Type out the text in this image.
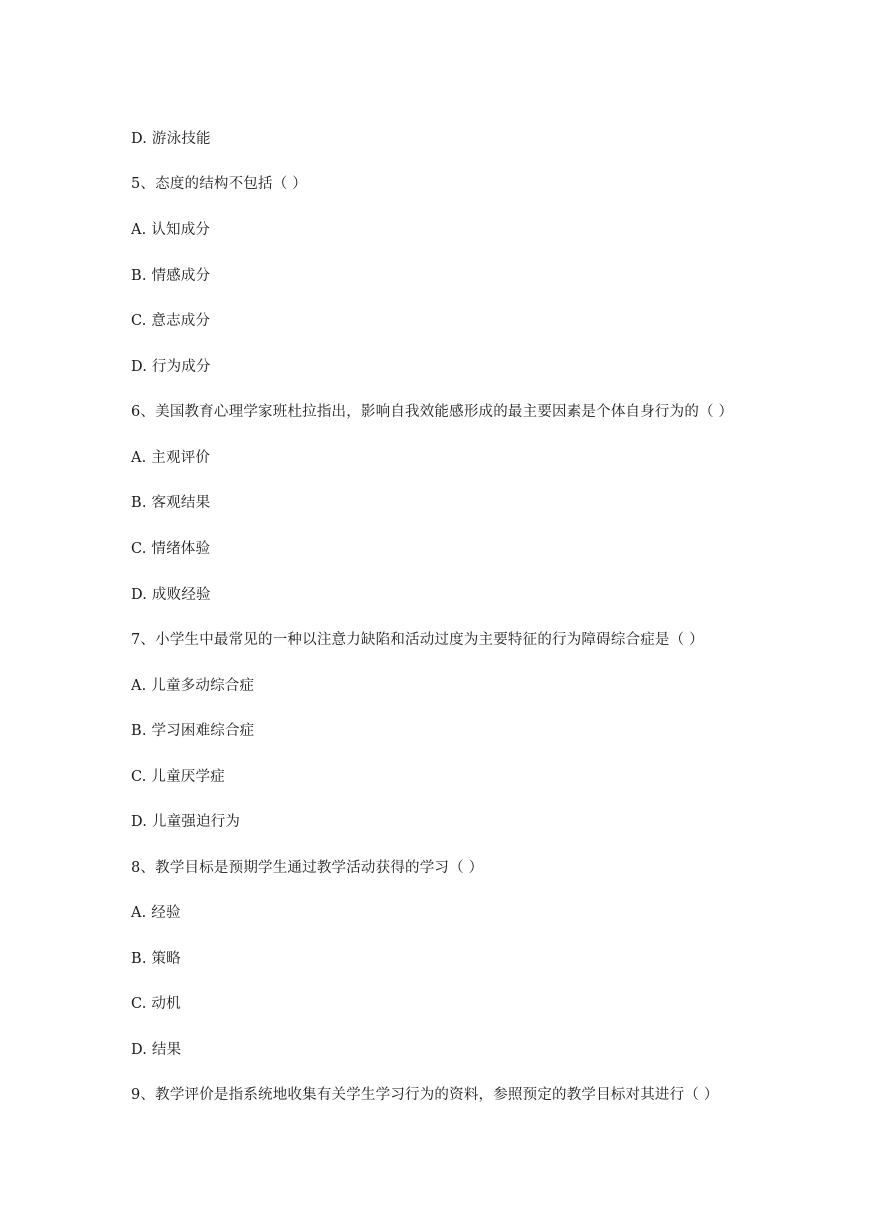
D. 游泳技能
5、态度的结构不包括（ ）
A. 认知成分
B. 情感成分
C. 意志成分
D. 行为成分
6、美国教育心理学家班杜拉指出，影响自我效能感形成的最主要因素是个体自身行为的（ ）
A. 主观评价
B. 客观结果
C. 情绪体验
D. 成败经验
7、小学生中最常见的一种以注意力缺陷和活动过度为主要特征的行为障碍综合症是（ ）
A. 儿童多动综合症
B. 学习困难综合症
C. 儿童厌学症
D. 儿童强迫行为
8、教学目标是预期学生通过教学活动获得的学习（ ）
A. 经验
B. 策略
C. 动机
D. 结果
9、教学评价是指系统地收集有关学生学习行为的资料，参照预定的教学目标对其进行（ ）
